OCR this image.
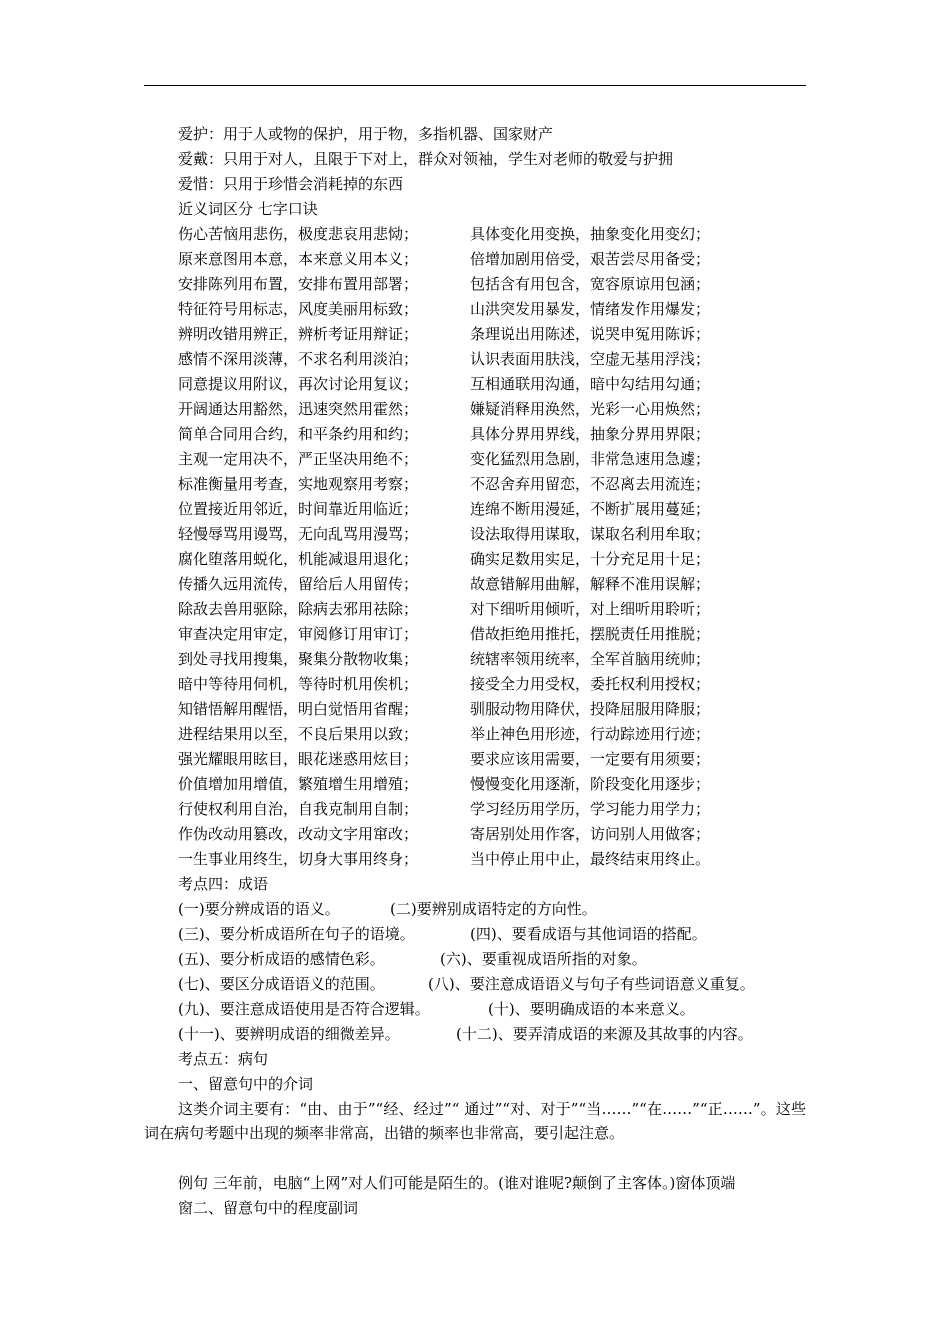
爱护：用于人或物的保护，用于物，多指机器、国家财产
爱戴：只用于对人，且限于下对上，群众对领袖，学生对老师的敬爱与护拥
爱惜：只用于珍惜会消耗掉的东西
近义词区分 七字口诀
伤心苦恼用悲伤，极度悲哀用悲恸；	具体变化用变换，抽象变化用变幻；
原来意图用本意，本来意义用本义；	倍增加剧用倍受，艰苦尝尽用备受；
安排陈列用布置，安排布置用部署；	包括含有用包含，宽容原谅用包涵；
特征符号用标志，风度美丽用标致；	山洪突发用暴发，情绪发作用爆发；
辨明改错用辨正，辨析考证用辩证；	条理说出用陈述，说哭申冤用陈诉；
感情不深用淡薄，不求名利用淡泊；	认识表面用肤浅，空虚无基用浮浅；
同意提议用附议，再次讨论用复议；	互相通联用沟通，暗中勾结用勾通；
开阔通达用豁然，迅速突然用霍然；	嫌疑消释用涣然，光彩一心用焕然；
简单合同用合约，和平条约用和约；	具体分界用界线，抽象分界用界限；
主观一定用决不，严正坚决用绝不；	变化猛烈用急剧，非常急速用急遽；
标准衡量用考查，实地观察用考察；	不忍舍弃用留恋，不忍离去用流连；
位置接近用邻近，时间靠近用临近；	连绵不断用漫延，不断扩展用蔓延；
轻慢辱骂用谩骂，无向乱骂用漫骂；	设法取得用谋取，谋取名利用牟取；
腐化堕落用蜕化，机能减退用退化；	确实足数用实足，十分充足用十足；
传播久远用流传，留给后人用留传；	故意错解用曲解，解释不准用误解；
除敌去兽用驱除，除病去邪用祛除；	对下细听用倾听，对上细听用聆听；
审查决定用审定，审阅修订用审订；	借故拒绝用推托，摆脱责任用推脱；
到处寻找用搜集，聚集分散物收集；	统辖率领用统率，全军首脑用统帅；
暗中等待用伺机，等待时机用俟机；	接受全力用受权，委托权利用授权；
知错悟解用醒悟，明白觉悟用省醒；	驯服动物用降伏，投降屈服用降服；
进程结果用以至，不良后果用以致；	举止神色用形迹，行动踪迹用行迹；
强光耀眼用眩目，眼花迷惑用炫目；	要求应该用需要，一定要有用须要；
价值增加用增值，繁殖增生用增殖；	慢慢变化用逐渐，阶段变化用逐步；
行使权利用自治，自我克制用自制；	学习经历用学历，学习能力用学力；
作伪改动用篡改，改动文字用窜改；	寄居别处用作客，访问别人用做客；
一生事业用终生，切身大事用终身；	当中停止用中止，最终结束用终止。
考点四：成语
(一)要分辨成语的语义。	(二)要辨别成语特定的方向性。
(三)、要分析成语所在句子的语境。	(四)、要看成语与其他词语的搭配。
(五)、要分析成语的感情色彩。	(六)、要重视成语所指的对象。
(七)、要区分成语语义的范围。	(八)、要注意成语语义与句子有些词语意义重复。
(九)、要注意成语使用是否符合逻辑。	(十)、要明确成语的本来意义。
(十一)、要辨明成语的细微差异。	(十二)、要弄清成语的来源及其故事的内容。
考点五：病句
一、留意句中的介词
这类介词主要有：“由、由于”“经、经过”“ 通过”“对、对于”“当……”“在……”“正……”。这些词在病句考题中出现的频率非常高，出错的频率也非常高，要引起注意。
例句 三年前，电脑“上网”对人们可能是陌生的。(谁对谁呢?颠倒了主客体。)窗体顶端
窗二、留意句中的程度副词
